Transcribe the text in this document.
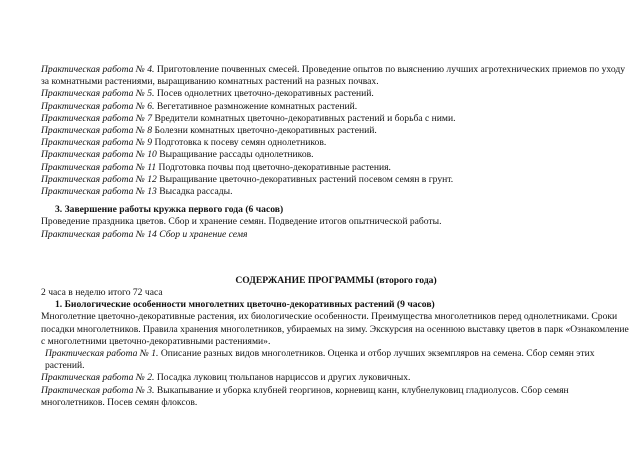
Практическая работа № 4. Приготовление почвенных смесей. Проведение опытов по выяснению лучших агротехнических приемов по уходу за комнатными растениями, выращиванию комнатных растений на разных почвах.
Практическая работа № 5. Посев однолетних цветочно-декоративных растений.
Практическая работа № 6. Вегетативное размножение комнатных растений.
Практическая работа № 7 Вредители комнатных цветочно-декоративных растений и борьба с ними.
Практическая работа № 8 Болезни комнатных цветочно-декоративных растений.
Практическая работа № 9 Подготовка к посеву семян однолетников.
Практическая работа № 10 Выращивание рассады однолетников.
Практическая работа № 11 Подготовка почвы под цветочно-декоративные растения.
Практическая работа № 12 Выращивание цветочно-декоративных растений посевом семян в грунт.
Практическая работа № 13 Высадка рассады.
3. Завершение работы кружка первого года (6 часов)
Проведение праздника цветов. Сбор и хранение семян. Подведение итогов опытнической работы.
Практическая работа № 14 Сбор и хранение семя
СОДЕРЖАНИЕ ПРОГРАММЫ (второго года)
2 часа в неделю итого 72 часа
1. Биологические особенности многолетних цветочно-декоративных растений (9 часов)
Многолетние цветочно-декоративные растения, их биологические особенности. Преимущества многолетников перед однолетниками. Сроки посадки многолетников. Правила хранения многолетников, убираемых на зиму. Экскурсия на осеннюю выставку цветов в парк «Ознакомление с многолетними цветочно-декоративными растениями».
Практическая работа № 1. Описание разных видов многолетников. Оценка и отбор лучших экземпляров на семена. Сбор семян этих растений.
Практическая работа № 2. Посадка луковиц тюльпанов нарциссов и других луковичных.
Практическая работа № 3. Выкапывание и уборка клубней георгинов, корневищ канн, клубнелуковиц гладиолусов. Сбор семян многолетников. Посев семян флоксов.
